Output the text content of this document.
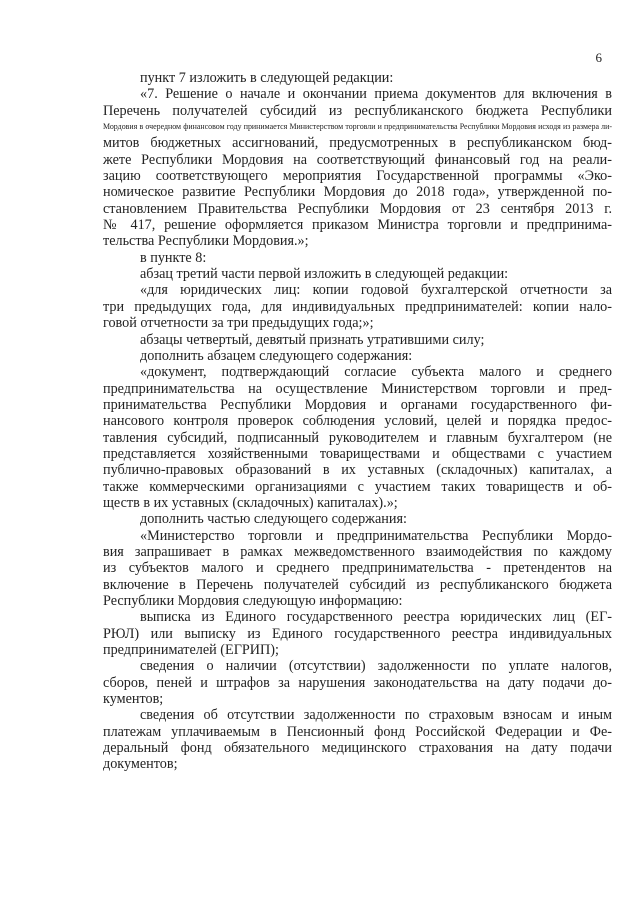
6
пункт 7 изложить в следующей редакции:
«7. Решение о начале и окончании приема документов для включения в
Перечень получателей субсидий из республиканского бюджета Республики
Мордовия в очередном финансовом году принимается Министерством торговли и предпринимательства Республики Мордовия исходя из размера ли-
митов бюджетных ассигнований, предусмотренных в республиканском бюд-
жете Республики Мордовия на соответствующий финансовый год на реали-
зацию соответствующего мероприятия Государственной программы «Эко-
номическое развитие Республики Мордовия до 2018 года», утвержденной по-
становлением Правительства Республики Мордовия от 23 сентября 2013 г.
№ 417, решение оформляется приказом Министра торговли и предпринима-
тельства Республики Мордовия.»;
в пункте 8:
абзац третий части первой изложить в следующей редакции:
«для юридических лиц: копии годовой бухгалтерской отчетности за
три предыдущих года, для индивидуальных предпринимателей: копии нало-
говой отчетности за три предыдущих года;»;
абзацы четвертый, девятый признать утратившими силу;
дополнить абзацем следующего содержания:
«документ, подтверждающий согласие субъекта малого и среднего
предпринимательства на осуществление Министерством торговли и пред-
принимательства Республики Мордовия и органами государственного фи-
нансового контроля проверок соблюдения условий, целей и порядка предос-
тавления субсидий, подписанный руководителем и главным бухгалтером (не
представляется хозяйственными товариществами и обществами с участием
публично-правовых образований в их уставных (складочных) капиталах, а
также коммерческими организациями с участием таких товариществ и об-
ществ в их уставных (складочных) капиталах).»;
дополнить частью следующего содержания:
«Министерство торговли и предпринимательства Республики Мордо-
вия запрашивает в рамках межведомственного взаимодействия по каждому
из субъектов малого и среднего предпринимательства - претендентов на
включение в Перечень получателей субсидий из республиканского бюджета
Республики Мордовия следующую информацию:
выписка из Единого государственного реестра юридических лиц (ЕГ-
РЮЛ) или выписку из Единого государственного реестра индивидуальных
предпринимателей (ЕГРИП);
сведения о наличии (отсутствии) задолженности по уплате налогов,
сборов, пеней и штрафов за нарушения законодательства на дату подачи до-
кументов;
сведения об отсутствии задолженности по страховым взносам и иным
платежам уплачиваемым в Пенсионный фонд Российской Федерации и Фе-
деральный фонд обязательного медицинского страхования на дату подачи
документов;
